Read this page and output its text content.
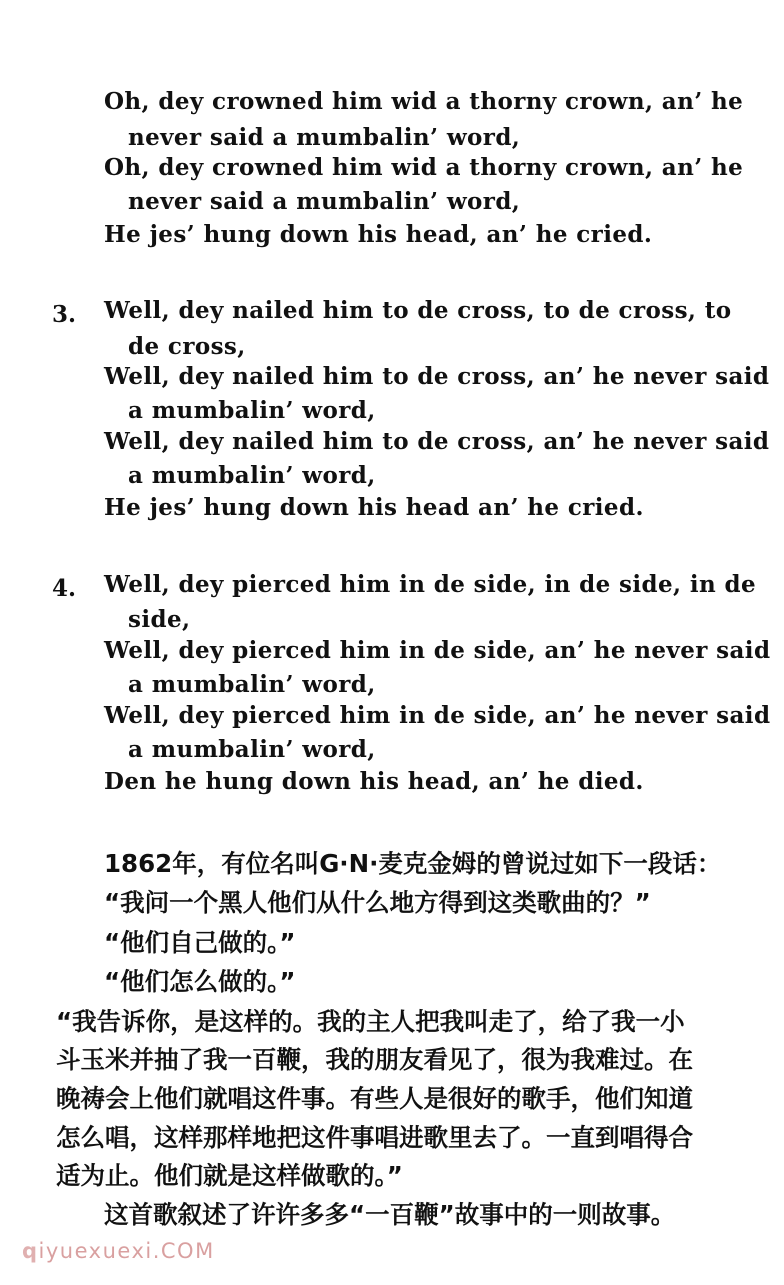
Oh, dey crowned him wid a thorny crown, an’ he
never said a mumbalin’ word,
Oh, dey crowned him wid a thorny crown, an’ he
never said a mumbalin’ word,
He jes’ hung down his head, an’ he cried.
3. Well, dey nailed him to de cross, to de cross, to
de cross,
Well, dey nailed him to de cross, an’ he never said
a mumbalin’ word,
Well, dey nailed him to de cross, an’ he never said
a mumbalin’ word,
He jes’ hung down his head an’ he cried.
4. Well, dey pierced him in de side, in de side, in de
side,
Well, dey pierced him in de side, an’ he never said
a mumbalin’ word,
Well, dey pierced him in de side, an’ he never said
a mumbalin’ word,
Den he hung down his head, an’ he died.
1862年，有位名叫G·N·麦克金姆的曾说过如下一段话：
“我问一个黑人他们从什么地方得到这类歌曲的？”
“他们自己做的。”
“他们怎么做的。”
“我告诉你，是这样的。我的主人把我叫走了，给了我一小
斗玉米并抽了我一百鞭，我的朋友看见了，很为我难过。在
晚祷会上他们就唱这件事。有些人是很好的歌手，他们知道
怎么唱，这样那样地把这件事唱进歌里去了。一直到唱得合
适为止。他们就是这样做歌的。”
这首歌叙述了许许多多“一百鞭”故事中的一则故事。
qiyuexuexi.COM
